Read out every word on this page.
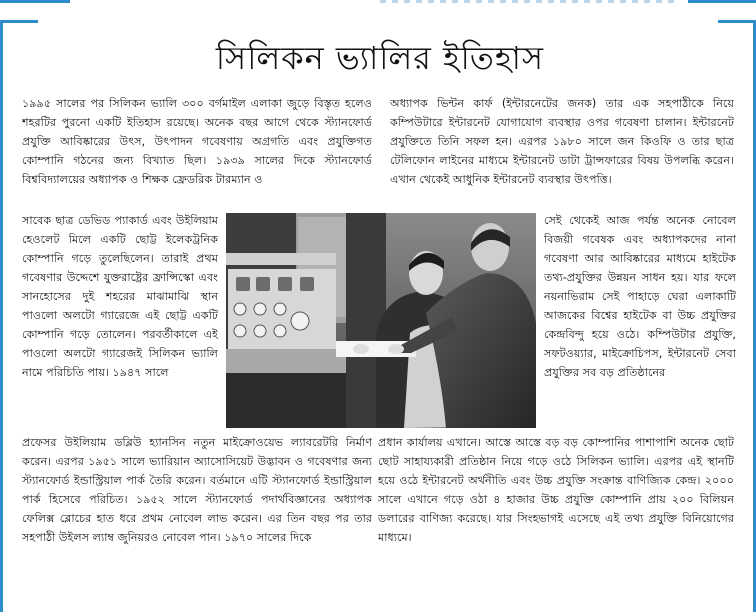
সিলিকন ভ্যালির ইতিহাস

১৯৯৫ সালের পর সিলিকন ভ্যালি ৩০০ বর্গমাইল এলাকা জুড়ে বিস্তৃত হলেও শহরটির পুরনো একটি ইতিহাস রয়েছে। অনেক বছর আগে থেকে স্ট্যানফোর্ড প্রযুক্তি আবিষ্কারের উৎস, উৎপাদন গবেষণায় অগ্রগতি এবং প্রযুক্তিগত কোম্পানি গঠনের জন্য বিখ্যাত ছিল। ১৯৩৯ সালের দিকে স্ট্যানফোর্ড বিশ্ববিদ্যালয়ের অধ্যাপক ও শিক্ষক ফ্রেডরিক টারম্যান ও

সাবেক ছাত্র ডেভিড প্যাকার্ড এবং উইলিয়াম হেওলেট মিলে একটি ছোট্ট ইলেকট্রনিক কোম্পানি গড়ে তুলেছিলেন। তারাই প্রথম গবেষণার উদ্দেশে যুক্তরাষ্ট্রের ফ্রান্সিস্কো এবং সানহোসের দুই শহরের মাঝামাঝি স্থান পাওলো অলটো গ্যারেজে এই ছোট্ট একটি কোম্পানি গড়ে তোলেন। পরবর্তীকালে এই পাওলো অলটো গ্যারেজই সিলিকন ভ্যালি নামে পরিচিতি পায়। ১৯৪৭ সালে

প্রফেসর উইলিয়াম ডব্লিউ হ্যানসিন নতুন মাইক্রোওয়েভ ল্যাবরেটরি নির্মাণ করেন। এরপর ১৯৫১ সালে ভ্যারিয়ান অ্যাসোসিয়েট উদ্ভাবন ও গবেষণার জন্য স্ট্যানফোর্ড ইন্ডাস্ট্রিয়াল পার্ক তৈরি করেন। বর্তমানে এটি স্ট্যানফোর্ড ইন্ডাস্ট্রিয়াল পার্ক হিসেবে পরিচিত। ১৯৫২ সালে স্ট্যানফোর্ড পদার্থবিজ্ঞানের অধ্যাপক ফেলিক্স ব্লোচের হাত ধরে প্রথম নোবেল লাভ করেন। এর তিন বছর পর তার সহপাঠী উইলস ল্যাম্ব জুনিয়রও নোবেল পান। ১৯৭০ সালের দিকে

অধ্যাপক ভিন্টন কার্ফ (ইন্টারনেটের জনক) তার এক সহপাঠীকে নিয়ে কম্পিউটারে ইন্টারনেট যোগাযোগ ব্যবস্থার ওপর গবেষণা চালান। ইন্টারনেট প্রযুক্তিতে তিনি সফল হন। এরপর ১৯৮০ সালে জন কিওফি ও তার ছাত্র টেলিফোন লাইনের মাধ্যমে ইন্টারনেট ডাটা ট্রান্সফারের বিষয় উপলব্ধি করেন। এখান থেকেই আধুনিক ইন্টারনেট ব্যবস্থার উৎপত্তি।

সেই থেকেই আজ পর্যন্ত অনেক নোবেল বিজয়ী গবেষক এবং অধ্যাপকদের নানা গবেষণা আর আবিষ্কারের মাধ্যমে হাইটেক তথ্য-প্রযুক্তির উন্নয়ন সাধন হয়। যার ফলে নয়নাভিরাম সেই পাহাড়ে ঘেরা এলাকাটি আজকের বিশ্বের হাইটেক বা উচ্চ প্রযুক্তির কেন্দ্রবিন্দু হয়ে ওঠে। কম্পিউটার প্রযুক্তি, সফটওয়্যার, মাইক্রোচিপস, ইন্টারনেট সেবা প্রযুক্তির সব বড় প্রতিষ্ঠানের

প্রধান কার্যালয় এখানে। আস্তে আস্তে বড় বড় কোম্পানির পাশাপাশি অনেক ছোট ছোট সাহায্যকারী প্রতিষ্ঠান নিয়ে গড়ে ওঠে সিলিকন ভ্যালি। এরপর এই স্থানটি হয়ে ওঠে ইন্টারনেট অর্থনীতি এবং উচ্চ প্রযুক্তি সংক্রান্ত বাণিজ্যিক কেন্দ্র। ২০০০ সালে এখানে গড়ে ওঠা ৪ হাজার উচ্চ প্রযুক্তি কোম্পানি প্রায় ২০০ বিলিয়ন ডলারের বাণিজ্য করেছে। যার সিংহভাগই এসেছে এই তথ্য প্রযুক্তি বিনিয়োগের মাধ্যমে।
